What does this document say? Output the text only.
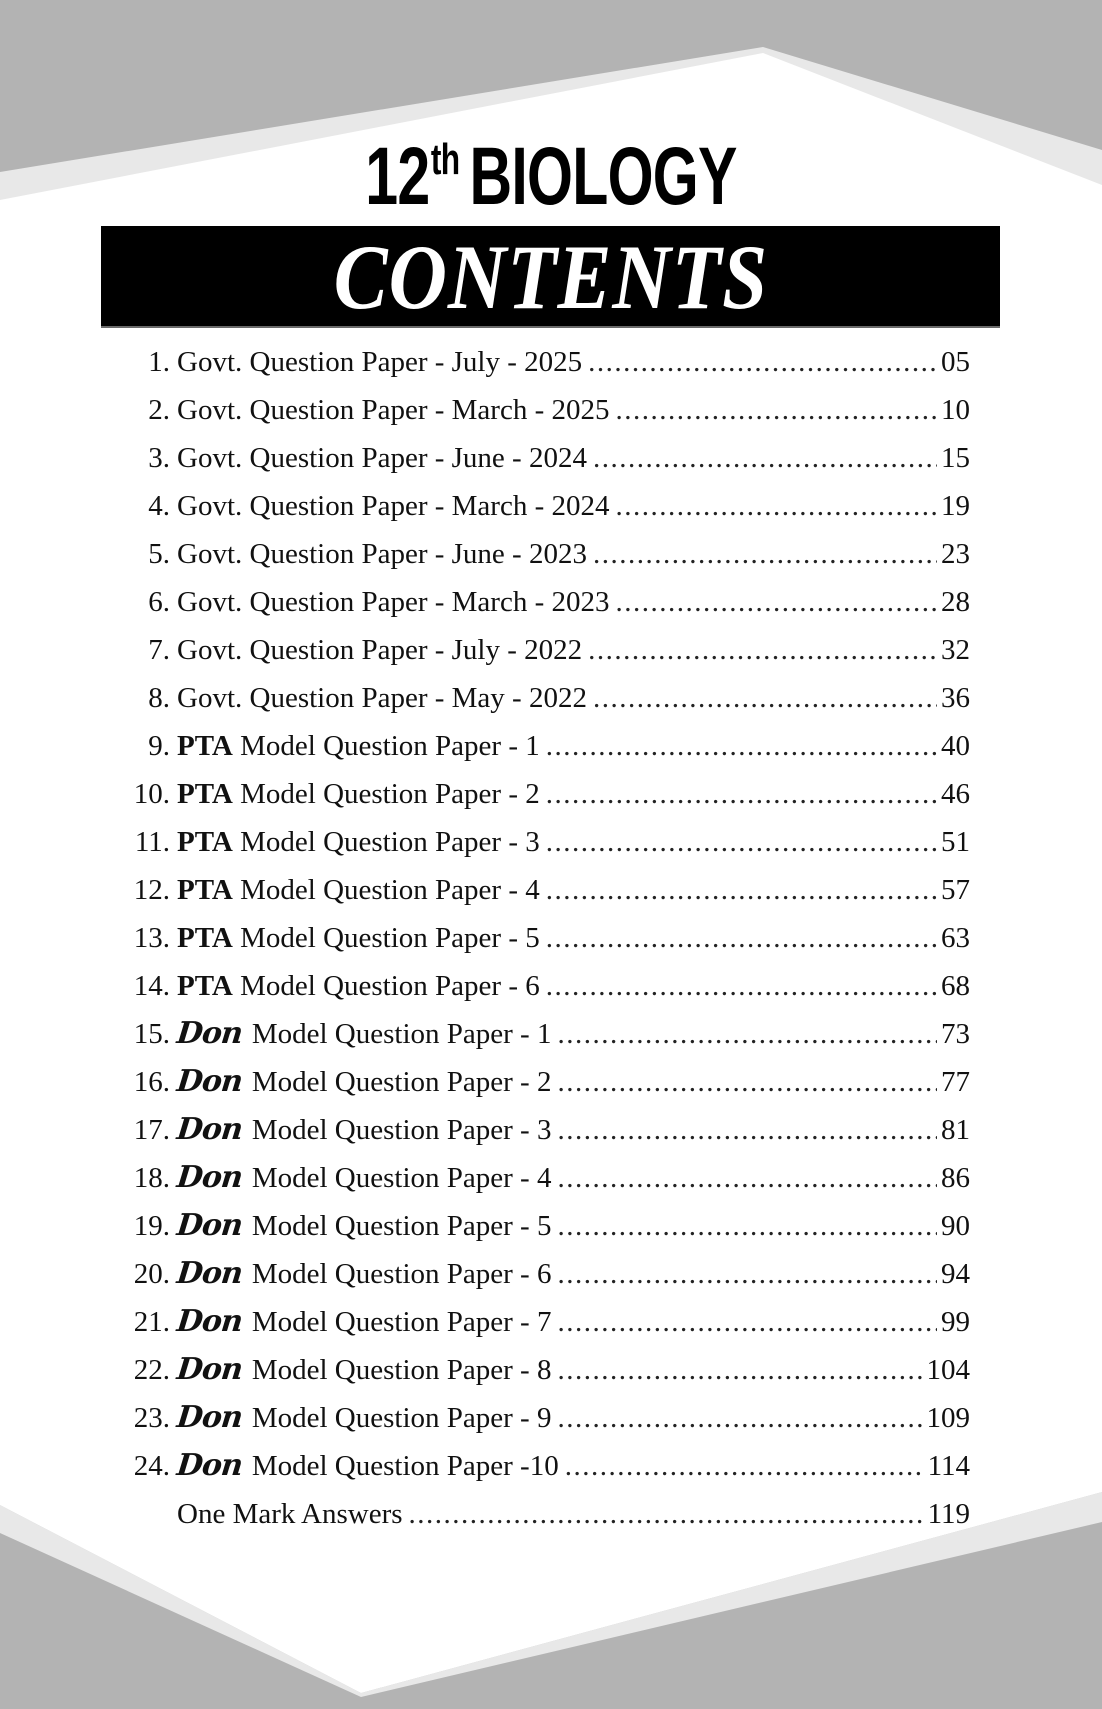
12th BIOLOGY
CONTENTS
1. Govt. Question Paper - July - 2025 .....	05
2. Govt. Question Paper - March - 2025 .....	10
3. Govt. Question Paper - June - 2024 .....	15
4. Govt. Question Paper - March - 2024 .....	19
5. Govt. Question Paper - June - 2023 .....	23
6. Govt. Question Paper - March - 2023 .....	28
7. Govt. Question Paper - July - 2022 .....	32
8. Govt. Question Paper - May - 2022 .....	36
9. PTA Model Question Paper - 1 .....	40
10. PTA Model Question Paper - 2 .....	46
11. PTA Model Question Paper - 3 .....	51
12. PTA Model Question Paper - 4 .....	57
13. PTA Model Question Paper - 5 .....	63
14. PTA Model Question Paper - 6 .....	68
15. Don Model Question Paper - 1 .....	73
16. Don Model Question Paper - 2 .....	77
17. Don Model Question Paper - 3 .....	81
18. Don Model Question Paper - 4 .....	86
19. Don Model Question Paper - 5 .....	90
20. Don Model Question Paper - 6 .....	94
21. Don Model Question Paper - 7 .....	99
22. Don Model Question Paper - 8 .....	104
23. Don Model Question Paper - 9 .....	109
24. Don Model Question Paper -10 .....	114
One Mark Answers .....	119
